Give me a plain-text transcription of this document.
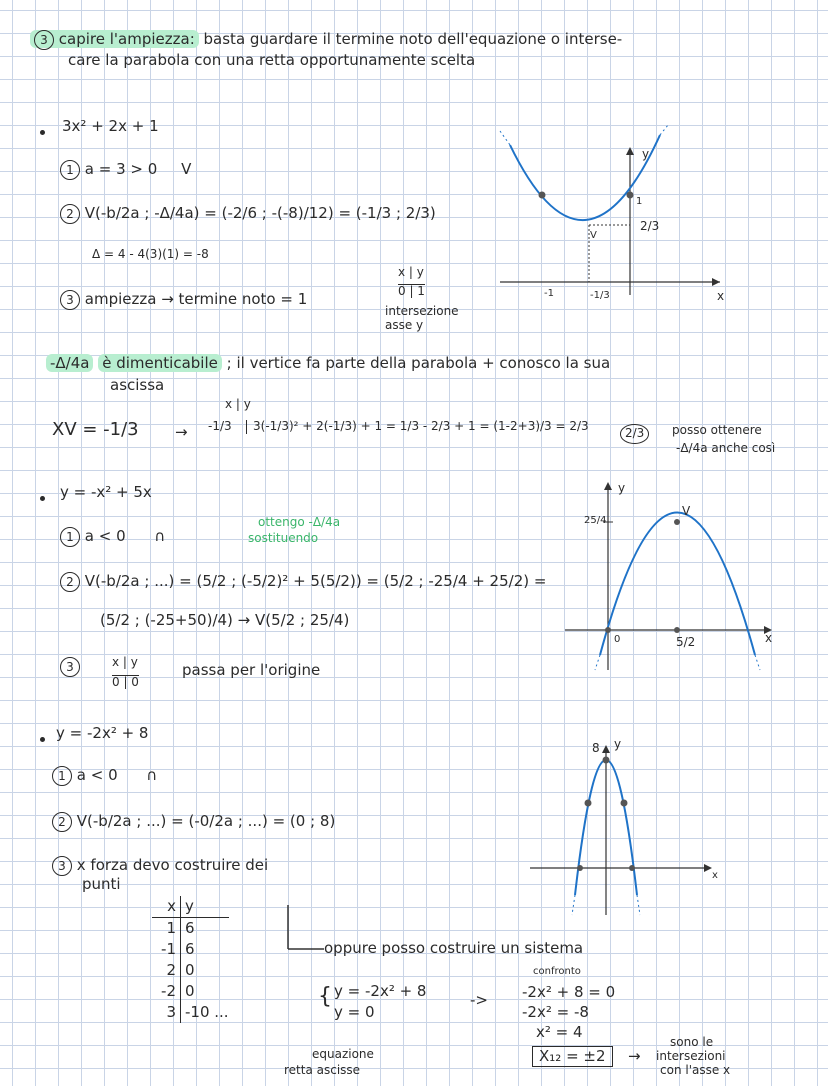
3 capire l'ampiezza: basta guardare il termine noto dell'equazione o interse-
care la parabola con una retta opportunamente scelta
3x² + 2x + 1
1 a = 3 > 0 V
2 V(-b/2a ; -Δ/4a) = (-2/6 ; -(-8)/12) = (-1/3 ; 2/3)
Δ = 4 - 4(3)(1) = -8
x | y
0 | 1
intersezione
asse y
3 ampiezza → termine noto = 1
y
x
V
2/3
-1	-1/3
1
-Δ/4a è dimenticabile ; il vertice fa parte della parabola + conosco la sua
ascissa
XV = -1/3 →
x | y
-1/3	3(-1/3)² + 2(-1/3) + 1 = 1/3 - 2/3 + 1 = (1-2+3)/3 = 2/3	2/3	posso ottenere
-Δ/4a anche così
y = -x² + 5x
1 a < 0 ∩
ottengo -Δ/4a
sostituendo
2 V(-b/2a ; ...) = (5/2 ; (-5/2)² + 5(5/2)) = (5/2 ; -25/4 + 25/2) =
(5/2 ; (-25+50)/4) → V(5/2 ; 25/4)
3	x | y
0 | 0
passa per l'origine
y
x
V
25/4
0	5/2
y = -2x² + 8
1 a < 0 ∩
2 V(-b/2a ; ...) = (-0/2a ; ...) = (0 ; 8)
3 x forza devo costruire dei
punti
x y
1 6
-1 6
2 0
-2 0
3 -10 ...
y
x
8
oppure posso costruire un sistema
{ y = -2x² + 8
y = 0
->
confronto
-2x² + 8 = 0
-2x² = -8
x² = 4
X₁₂ = ±2	→
equazione
retta ascisse
sono le
intersezioni
con l'asse x
